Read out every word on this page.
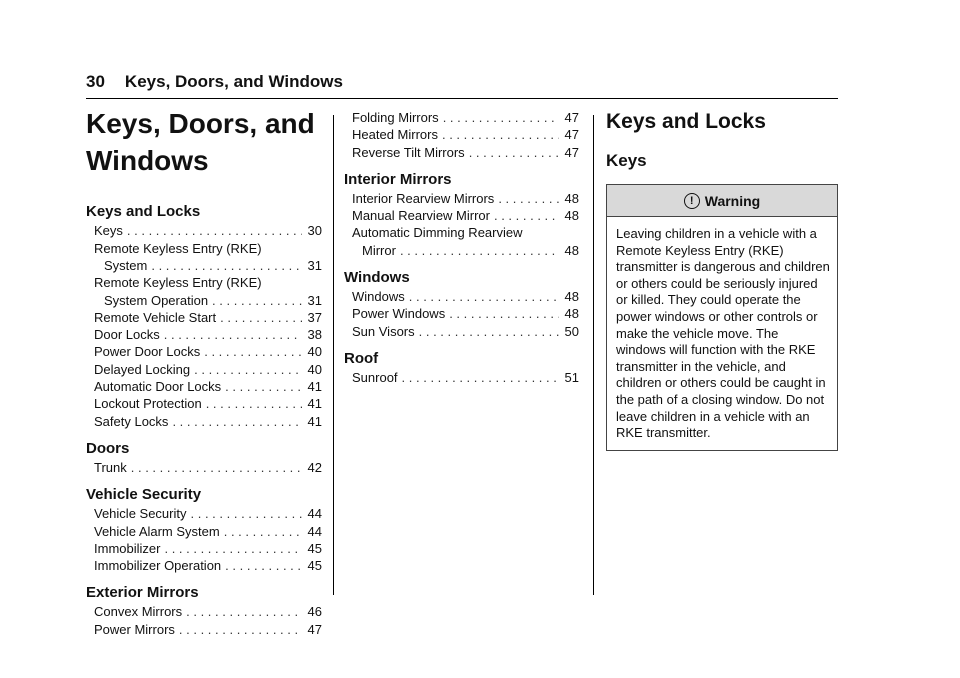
30 Keys, Doors, and Windows
Keys, Doors, and
Windows
Keys and Locks
Keys . . .	30
Remote Keyless Entry (RKE)
System . . .	31
Remote Keyless Entry (RKE)
System Operation . . .	31
Remote Vehicle Start . . .	37
Door Locks . . .	38
Power Door Locks . . .	40
Delayed Locking . . .	40
Automatic Door Locks . . .	41
Lockout Protection . . .	41
Safety Locks . . .	41
Doors
Trunk . . .	42
Vehicle Security
Vehicle Security . . .	44
Vehicle Alarm System . . .	44
Immobilizer . . .	45
Immobilizer Operation . . .	45
Exterior Mirrors
Convex Mirrors . . .	46
Power Mirrors . . .	47
Folding Mirrors . . .	47
Heated Mirrors . . .	47
Reverse Tilt Mirrors . . .	47
Interior Mirrors
Interior Rearview Mirrors . . .	48
Manual Rearview Mirror . . .	48
Automatic Dimming Rearview
Mirror . . .	48
Windows
Windows . . .	48
Power Windows . . .	48
Sun Visors . . .	50
Roof
Sunroof . . .	51
Keys and Locks
Keys
! Warning
Leaving children in a vehicle with a Remote Keyless Entry (RKE) transmitter is dangerous and children or others could be seriously injured or killed. They could operate the power windows or other controls or make the vehicle move. The windows will function with the RKE transmitter in the vehicle, and children or others could be caught in the path of a closing window. Do not leave children in a vehicle with an RKE transmitter.
